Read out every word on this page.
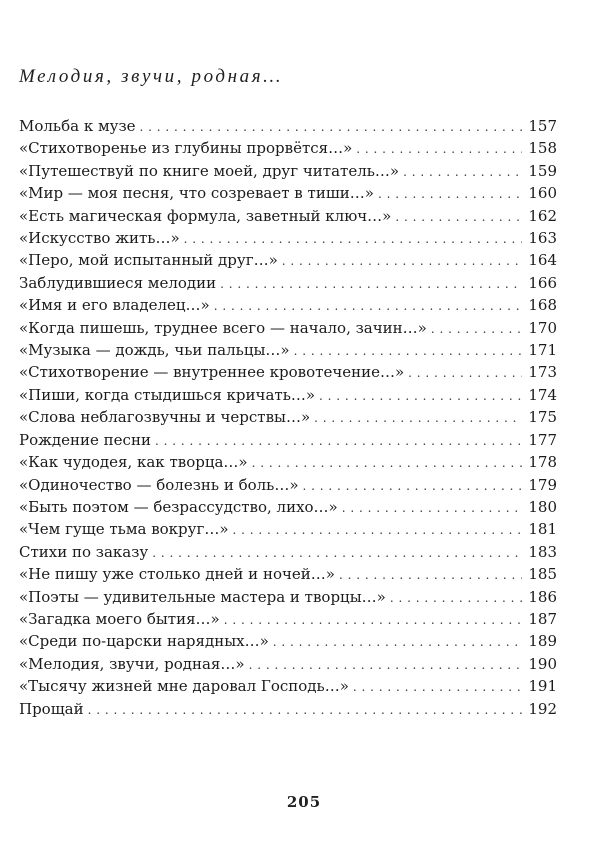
Мелодия, звучи, родная…
Мольба к музе . . .	157
«Стихотворенье из глубины прорвётся…» . . .	158
«Путешествуй по книге моей, друг читатель…» . . .	159
«Мир — моя песня, что созревает в тиши…» . . .	160
«Есть магическая формула, заветный ключ…» . . .	162
«Искусство жить…» . . .	163
«Перо, мой испытанный друг…» . . .	164
Заблудившиеся мелодии . . .	166
«Имя и его владелец…» . . .	168
«Когда пишешь, труднее всего — начало, зачин…» . . .	170
«Музыка — дождь, чьи пальцы…» . . .	171
«Стихотворение — внутреннее кровотечение…» . . .	173
«Пиши, когда стыдишься кричать…» . . .	174
«Слова неблагозвучны и черствы…» . . .	175
Рождение песни . . .	177
«Как чудодея, как творца…» . . .	178
«Одиночество — болезнь и боль…» . . .	179
«Быть поэтом — безрассудство, лихо…» . . .	180
«Чем гуще тьма вокруг…» . . .	181
Стихи по заказу . . .	183
«Не пишу уже столько дней и ночей…» . . .	185
«Поэты — удивительные мастера и творцы…» . . .	186
«Загадка моего бытия…» . . .	187
«Среди по-царски нарядных…» . . .	189
«Мелодия, звучи, родная…» . . .	190
«Тысячу жизней мне даровал Господь…» . . .	191
Прощай . . .	192
205
